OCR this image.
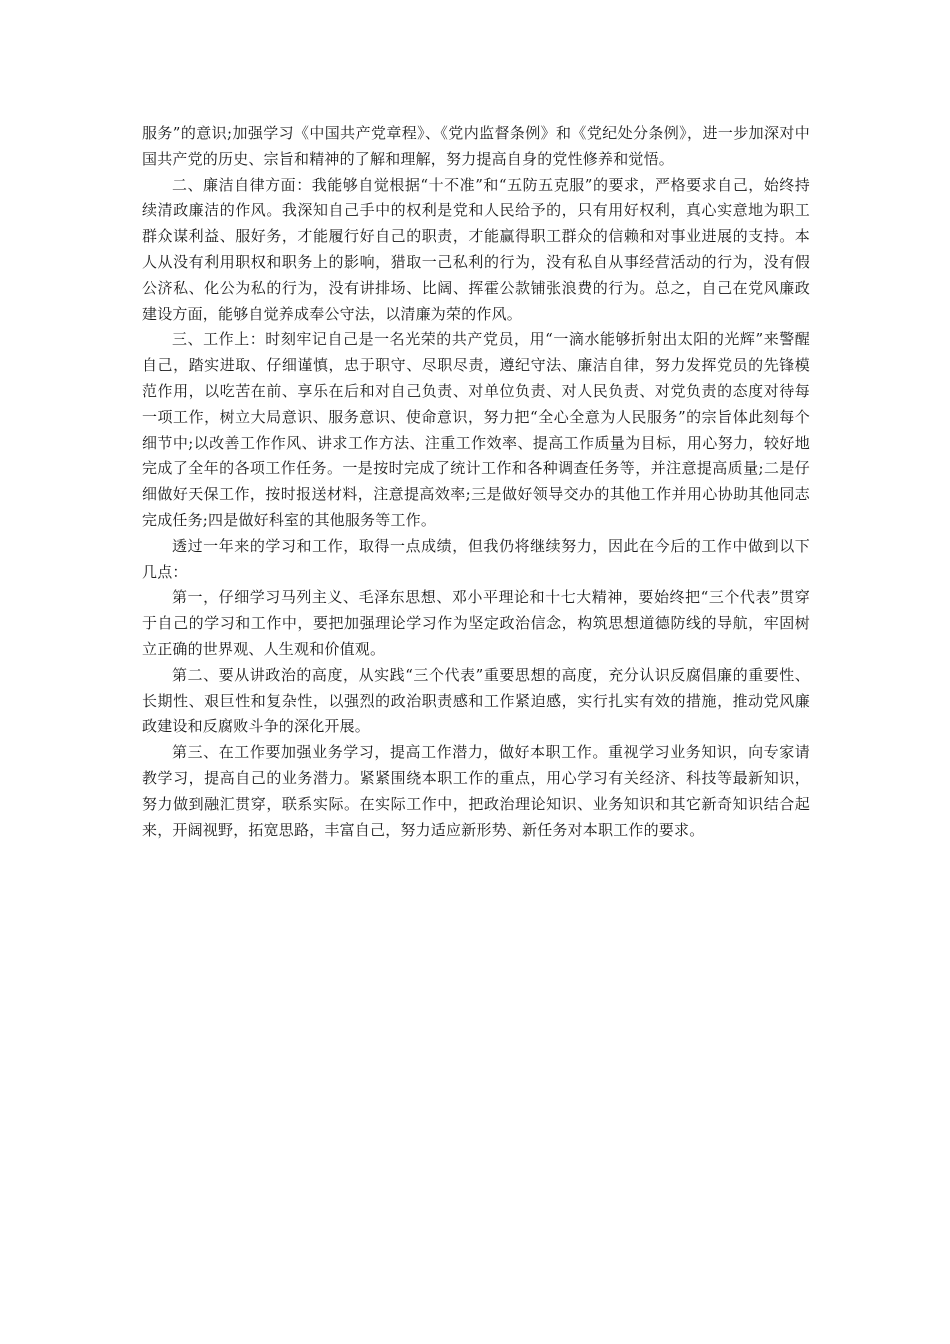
服务”的意识;加强学习《中国共产党章程》、《党内监督条例》和《党纪处分条例》，进一步加深对中国共产党的历史、宗旨和精神的了解和理解，努力提高自身的党性修养和觉悟。

二、廉洁自律方面：我能够自觉根据“十不准”和“五防五克服”的要求，严格要求自己，始终持续清政廉洁的作风。我深知自己手中的权利是党和人民给予的，只有用好权利，真心实意地为职工群众谋利益、服好务，才能履行好自己的职责，才能赢得职工群众的信赖和对事业进展的支持。本人从没有利用职权和职务上的影响，猎取一己私利的行为，没有私自从事经营活动的行为，没有假公济私、化公为私的行为，没有讲排场、比阔、挥霍公款铺张浪费的行为。总之，自己在党风廉政建设方面，能够自觉养成奉公守法，以清廉为荣的作风。

三、工作上：时刻牢记自己是一名光荣的共产党员，用“一滴水能够折射出太阳的光辉”来警醒自己，踏实进取、仔细谨慎，忠于职守、尽职尽责，遵纪守法、廉洁自律，努力发挥党员的先锋模范作用，以吃苦在前、享乐在后和对自己负责、对单位负责、对人民负责、对党负责的态度对待每一项工作，树立大局意识、服务意识、使命意识，努力把“全心全意为人民服务”的宗旨体此刻每个细节中;以改善工作作风、讲求工作方法、注重工作效率、提高工作质量为目标，用心努力，较好地完成了全年的各项工作任务。一是按时完成了统计工作和各种调查任务等，并注意提高质量;二是仔细做好天保工作，按时报送材料，注意提高效率;三是做好领导交办的其他工作并用心协助其他同志完成任务;四是做好科室的其他服务等工作。

透过一年来的学习和工作，取得一点成绩，但我仍将继续努力，因此在今后的工作中做到以下几点：

第一，仔细学习马列主义、毛泽东思想、邓小平理论和十七大精神，要始终把“三个代表”贯穿于自己的学习和工作中，要把加强理论学习作为坚定政治信念，构筑思想道德防线的导航，牢固树立正确的世界观、人生观和价值观。

第二、要从讲政治的高度，从实践“三个代表”重要思想的高度，充分认识反腐倡廉的重要性、长期性、艰巨性和复杂性，以强烈的政治职责感和工作紧迫感，实行扎实有效的措施，推动党风廉政建设和反腐败斗争的深化开展。

第三、在工作要加强业务学习，提高工作潜力，做好本职工作。重视学习业务知识，向专家请教学习，提高自己的业务潜力。紧紧围绕本职工作的重点，用心学习有关经济、科技等最新知识，努力做到融汇贯穿，联系实际。在实际工作中，把政治理论知识、业务知识和其它新奇知识结合起来，开阔视野，拓宽思路，丰富自己，努力适应新形势、新任务对本职工作的要求。
